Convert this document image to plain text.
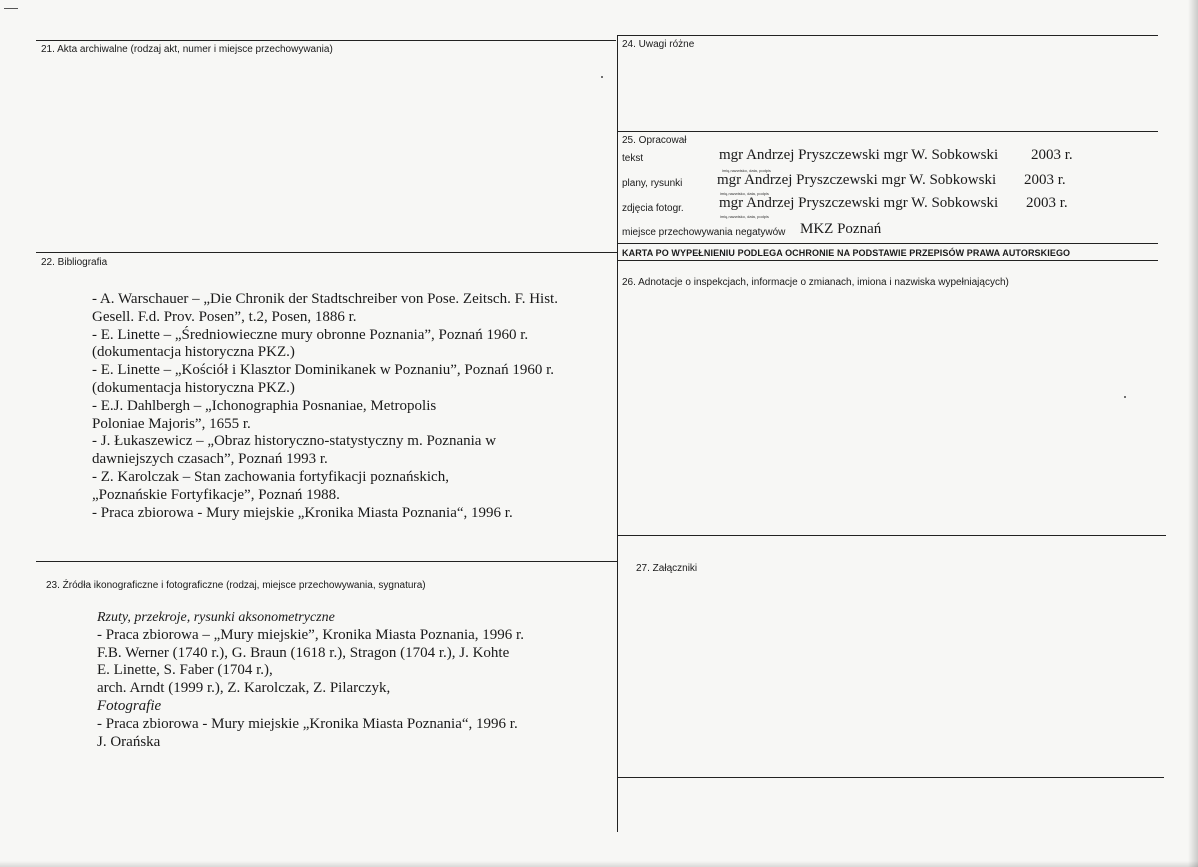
21. Akta archiwalne (rodzaj akt, numer i miejsce przechowywania)	24. Uwagi różne
25. Opracował
tekst	mgr Andrzej Pryszczewski mgr W. Sobkowski 2003 r.
imię,nazwisko, data, podpis
plany, rysunki mgr Andrzej Pryszczewski mgr W. Sobkowski 2003 r.
imię,nazwisko, data, podpis
zdjęcia fotogr. mgr Andrzej Pryszczewski mgr W. Sobkowski 2003 r.
imię,nazwisko, data, podpis
miejsce przechowywania negatywów MKZ Poznań
KARTA PO WYPEŁNIENIU PODLEGA OCHRONIE NA PODSTAWIE PRZEPISÓW PRAWA AUTORSKIEGO
22. Bibliografia
- A. Warschauer – „Die Chronik der Stadtschreiber von Pose. Zeitsch. F. Hist.
Gesell. F.d. Prov. Posen”, t.2, Posen, 1886 r.
- E. Linette – „Średniowieczne mury obronne Poznania”, Poznań 1960 r.
(dokumentacja historyczna PKZ.)
- E. Linette – „Kościół i Klasztor Dominikanek w Poznaniu”, Poznań 1960 r.
(dokumentacja historyczna PKZ.)
- E.J. Dahlbergh – „Ichonographia Posnaniae, Metropolis
Poloniae Majoris”, 1655 r.
- J. Łukaszewicz – „Obraz historyczno-statystyczny m. Poznania w
dawniejszych czasach”, Poznań 1993 r.
- Z. Karolczak – Stan zachowania fortyfikacji poznańskich,
„Poznańskie Fortyfikacje”, Poznań 1988.
- Praca zbiorowa - Mury miejskie „Kronika Miasta Poznania“, 1996 r.
26. Adnotacje o inspekcjach, informacje o zmianach, imiona i nazwiska wypełniających)
23. Źródła ikonograficzne i fotograficzne (rodzaj, miejsce przechowywania, sygnatura)
Rzuty, przekroje, rysunki aksonometryczne
- Praca zbiorowa – „Mury miejskie”, Kronika Miasta Poznania, 1996 r.
F.B. Werner (1740 r.), G. Braun (1618 r.), Stragon (1704 r.), J. Kohte
E. Linette, S. Faber (1704 r.),
arch. Arndt (1999 r.), Z. Karolczak, Z. Pilarczyk,
Fotografie
- Praca zbiorowa - Mury miejskie „Kronika Miasta Poznania“, 1996 r.
J. Orańska
27. Załączniki
